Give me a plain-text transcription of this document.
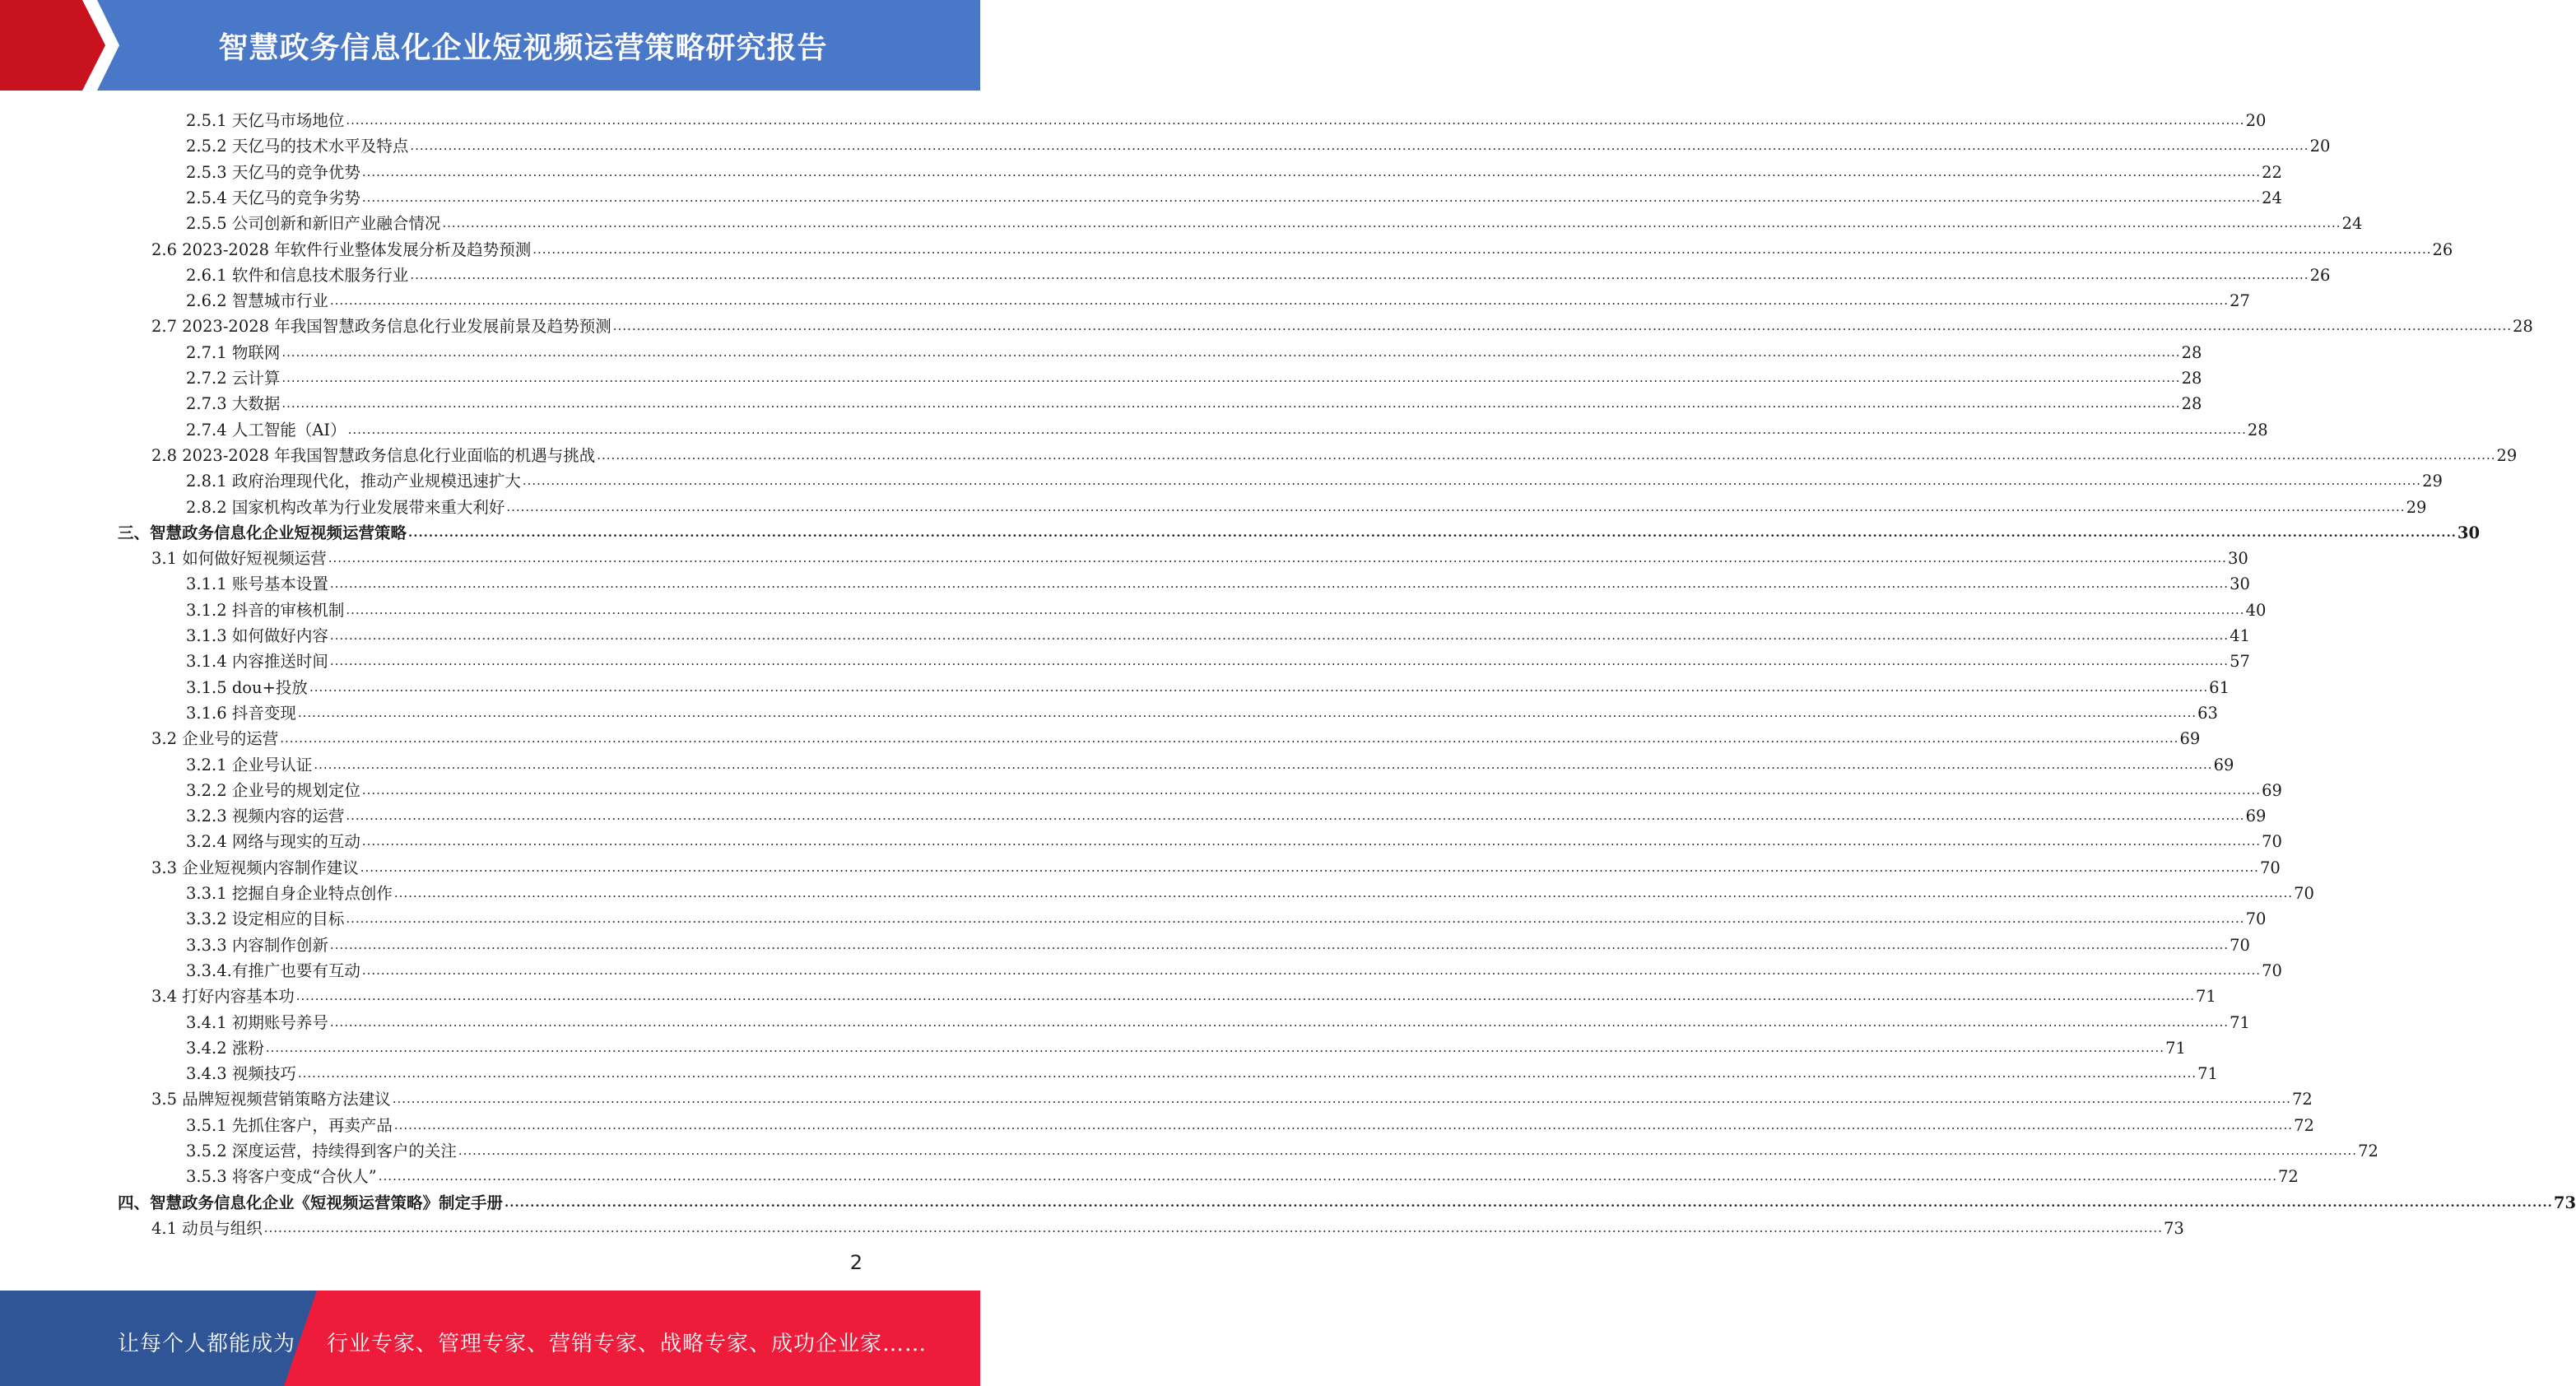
智慧政务信息化企业短视频运营策略研究报告
2.5.1 天亿马市场地位 ................................................................................................................................................................................................................................................................................................................................................................................................................ 20
2.5.2 天亿马的技术水平及特点 ................................................................................................................................................................................................................................................................................................................................................................................................................ 20
2.5.3 天亿马的竞争优势 ................................................................................................................................................................................................................................................................................................................................................................................................................ 22
2.5.4 天亿马的竞争劣势 ................................................................................................................................................................................................................................................................................................................................................................................................................ 24
2.5.5 公司创新和新旧产业融合情况 ................................................................................................................................................................................................................................................................................................................................................................................................................ 24
2.6 2023-2028 年软件行业整体发展分析及趋势预测 ................................................................................................................................................................................................................................................................................................................................................................................................................ 26
2.6.1 软件和信息技术服务行业 ................................................................................................................................................................................................................................................................................................................................................................................................................ 26
2.6.2 智慧城市行业 ................................................................................................................................................................................................................................................................................................................................................................................................................ 27
2.7 2023-2028 年我国智慧政务信息化行业发展前景及趋势预测 ................................................................................................................................................................................................................................................................................................................................................................................................................ 28
2.7.1 物联网 ................................................................................................................................................................................................................................................................................................................................................................................................................ 28
2.7.2 云计算 ................................................................................................................................................................................................................................................................................................................................................................................................................ 28
2.7.3 大数据 ................................................................................................................................................................................................................................................................................................................................................................................................................ 28
2.7.4 人工智能（AI） ................................................................................................................................................................................................................................................................................................................................................................................................................ 28
2.8 2023-2028 年我国智慧政务信息化行业面临的机遇与挑战 ................................................................................................................................................................................................................................................................................................................................................................................................................ 29
2.8.1 政府治理现代化，推动产业规模迅速扩大 ................................................................................................................................................................................................................................................................................................................................................................................................................ 29
2.8.2 国家机构改革为行业发展带来重大利好 ................................................................................................................................................................................................................................................................................................................................................................................................................ 29
三、智慧政务信息化企业短视频运营策略 ................................................................................................................................................................................................................................................................................................................................................................................................................ 30
3.1 如何做好短视频运营 ................................................................................................................................................................................................................................................................................................................................................................................................................ 30
3.1.1 账号基本设置 ................................................................................................................................................................................................................................................................................................................................................................................................................ 30
3.1.2 抖音的审核机制 ................................................................................................................................................................................................................................................................................................................................................................................................................ 40
3.1.3 如何做好内容 ................................................................................................................................................................................................................................................................................................................................................................................................................ 41
3.1.4 内容推送时间 ................................................................................................................................................................................................................................................................................................................................................................................................................ 57
3.1.5 dou+投放 ................................................................................................................................................................................................................................................................................................................................................................................................................ 61
3.1.6 抖音变现 ................................................................................................................................................................................................................................................................................................................................................................................................................ 63
3.2 企业号的运营 ................................................................................................................................................................................................................................................................................................................................................................................................................ 69
3.2.1 企业号认证 ................................................................................................................................................................................................................................................................................................................................................................................................................ 69
3.2.2 企业号的规划定位 ................................................................................................................................................................................................................................................................................................................................................................................................................ 69
3.2.3 视频内容的运营 ................................................................................................................................................................................................................................................................................................................................................................................................................ 69
3.2.4 网络与现实的互动 ................................................................................................................................................................................................................................................................................................................................................................................................................ 70
3.3 企业短视频内容制作建议 ................................................................................................................................................................................................................................................................................................................................................................................................................ 70
3.3.1 挖掘自身企业特点创作 ................................................................................................................................................................................................................................................................................................................................................................................................................ 70
3.3.2 设定相应的目标 ................................................................................................................................................................................................................................................................................................................................................................................................................ 70
3.3.3 内容制作创新 ................................................................................................................................................................................................................................................................................................................................................................................................................ 70
3.3.4.有推广也要有互动 ................................................................................................................................................................................................................................................................................................................................................................................................................ 70
3.4 打好内容基本功 ................................................................................................................................................................................................................................................................................................................................................................................................................ 71
3.4.1 初期账号养号 ................................................................................................................................................................................................................................................................................................................................................................................................................ 71
3.4.2 涨粉 ................................................................................................................................................................................................................................................................................................................................................................................................................ 71
3.4.3 视频技巧 ................................................................................................................................................................................................................................................................................................................................................................................................................ 71
3.5 品牌短视频营销策略方法建议 ................................................................................................................................................................................................................................................................................................................................................................................................................ 72
3.5.1 先抓住客户，再卖产品 ................................................................................................................................................................................................................................................................................................................................................................................................................ 72
3.5.2 深度运营，持续得到客户的关注 ................................................................................................................................................................................................................................................................................................................................................................................................................ 72
3.5.3 将客户变成“合伙人” ................................................................................................................................................................................................................................................................................................................................................................................................................ 72
四、智慧政务信息化企业《短视频运营策略》制定手册 ................................................................................................................................................................................................................................................................................................................................................................................................................ 73
4.1 动员与组织 ................................................................................................................................................................................................................................................................................................................................................................................................................ 73
2
让每个人都能成为 行业专家、管理专家、营销专家、战略专家、成功企业家……
